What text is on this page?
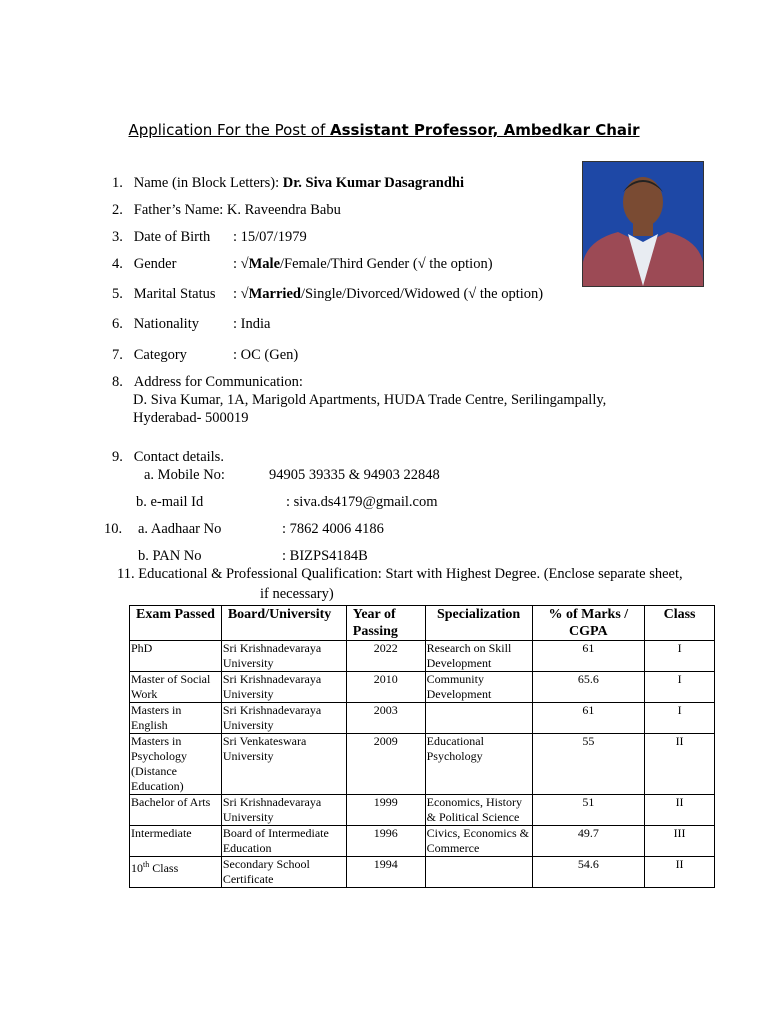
Application For the Post of Assistant Professor, Ambedkar Chair
1. Name (in Block Letters): Dr. Siva Kumar Dasagrandhi
2. Father’s Name: K. Raveendra Babu
3. Date of Birth : 15/07/1979
4. Gender	: √Male/Female/Third Gender (√ the option)
5. Marital Status : √Married/Single/Divorced/Widowed (√ the option)
6. Nationality : India
7. Category	: OC (Gen)
8. Address for Communication:
D. Siva Kumar, 1A, Marigold Apartments, HUDA Trade Centre, Serilingampally,
Hyderabad- 500019
9. Contact details.
a. Mobile No:	94905 39335 & 94903 22848
b. e-mail Id	: siva.ds4179@gmail.com
10. a. Aadhaar No	: 7862 4006 4186
b. PAN No	: BIZPS4184B
11. Educational & Professional Qualification: Start with Highest Degree. (Enclose separate sheet,
if necessary)
Exam Passed	Board/University	Year of Passing	Specialization	% of Marks / CGPA	Class
PhD	Sri Krishnadevaraya University	2022	Research on Skill Development	61	I
Master of Social Work	Sri Krishnadevaraya University	2010	Community Development	65.6	I
Masters in English	Sri Krishnadevaraya University	2003		61	I
Masters in Psychology (Distance Education)	Sri Venkateswara University	2009	Educational Psychology	55	II
Bachelor of Arts	Sri Krishnadevaraya University	1999	Economics, History & Political Science	51	II
Intermediate	Board of Intermediate Education	1996	Civics, Economics & Commerce	49.7	III
10th Class	Secondary School Certificate	1994		54.6	II
